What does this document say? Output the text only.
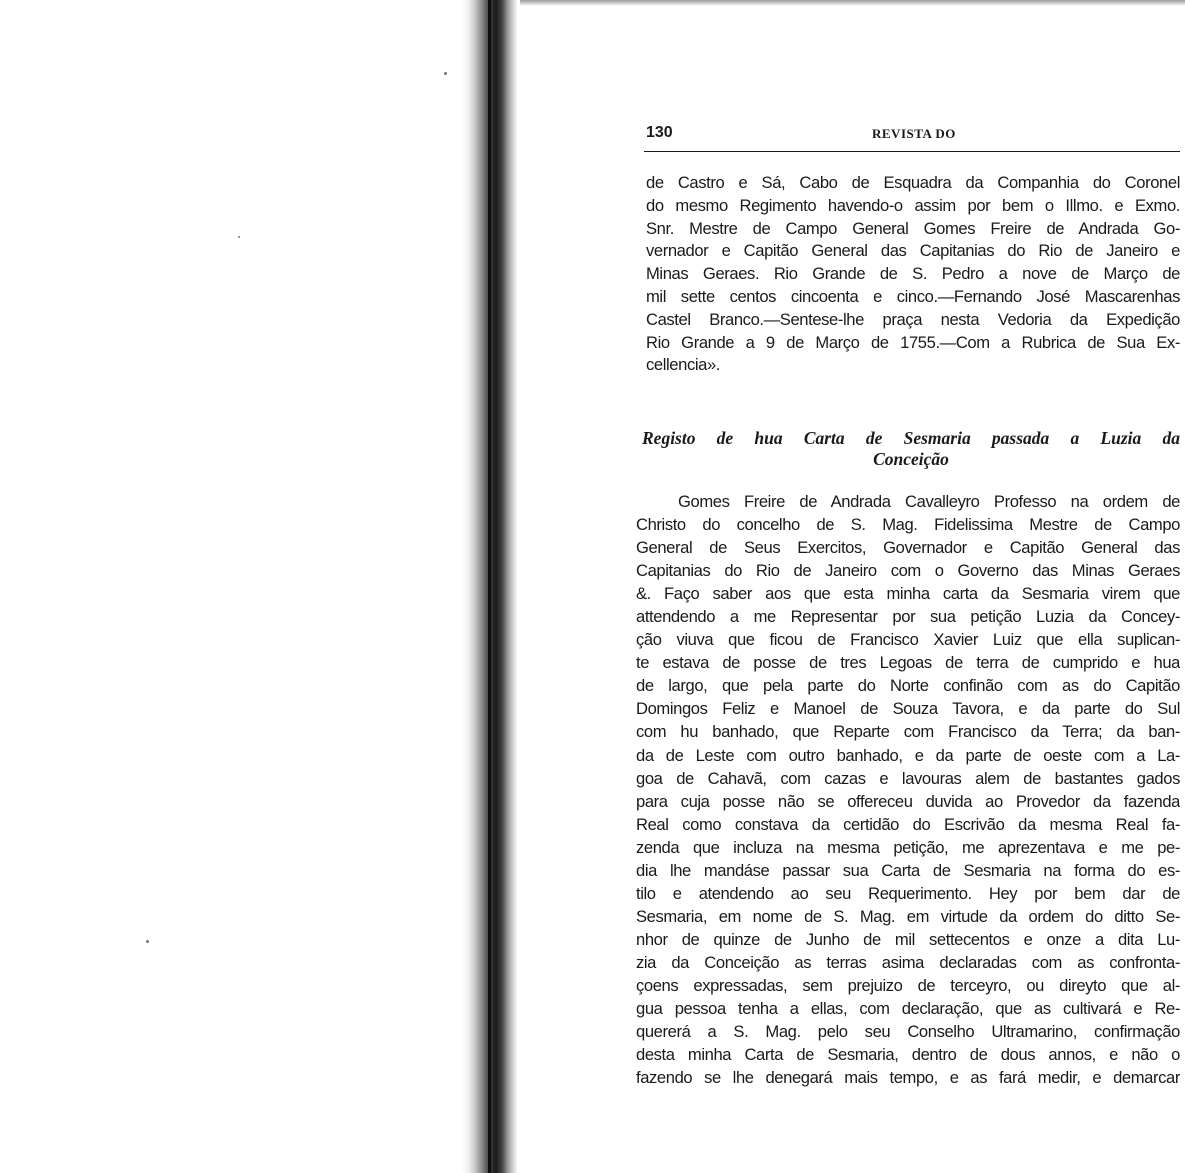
130	REVISTA DO
de Castro e Sá, Cabo de Esquadra da Companhia do Coronel
do mesmo Regimento havendo-o assim por bem o Illmo. e Exmo.
Snr. Mestre de Campo General Gomes Freire de Andrada Go-
vernador e Capitão General das Capitanias do Rio de Janeiro e
Minas Geraes. Rio Grande de S. Pedro a nove de Março de
mil sette centos cincoenta e cinco.—Fernando José Mascarenhas
Castel Branco.—Sentese-lhe praça nesta Vedoria da Expedição
Rio Grande a 9 de Março de 1755.—Com a Rubrica de Sua Ex-
cellencia».
Registo de hua Carta de Sesmaria passada a Luzia da
Conceição
Gomes Freire de Andrada Cavalleyro Professo na ordem de
Christo do concelho de S. Mag. Fidelissima Mestre de Campo
General de Seus Exercitos, Governador e Capitão General das
Capitanias do Rio de Janeiro com o Governo das Minas Geraes
&. Faço saber aos que esta minha carta da Sesmaria virem que
attendendo a me Representar por sua petição Luzia da Concey-
ção viuva que ficou de Francisco Xavier Luiz que ella suplican-
te estava de posse de tres Legoas de terra de cumprido e hua
de largo, que pela parte do Norte confinão com as do Capitão
Domingos Feliz e Manoel de Souza Tavora, e da parte do Sul
com hu banhado, que Reparte com Francisco da Terra; da ban-
da de Leste com outro banhado, e da parte de oeste com a La-
goa de Cahavã, com cazas e lavouras alem de bastantes gados
para cuja posse não se offereceu duvida ao Provedor da fazenda
Real como constava da certidão do Escrivão da mesma Real fa-
zenda que incluza na mesma petição, me aprezentava e me pe-
dia lhe mandáse passar sua Carta de Sesmaria na forma do es-
tilo e atendendo ao seu Requerimento. Hey por bem dar de
Sesmaria, em nome de S. Mag. em virtude da ordem do ditto Se-
nhor de quinze de Junho de mil settecentos e onze a dita Lu-
zia da Conceição as terras asima declaradas com as confronta-
çoens expressadas, sem prejuizo de terceyro, ou direyto que al-
gua pessoa tenha a ellas, com declaração, que as cultivará e Re-
quererá a S. Mag. pelo seu Conselho Ultramarino, confirmação
desta minha Carta de Sesmaria, dentro de dous annos, e não o
fazendo se lhe denegará mais tempo, e as fará medir, e demarcar
